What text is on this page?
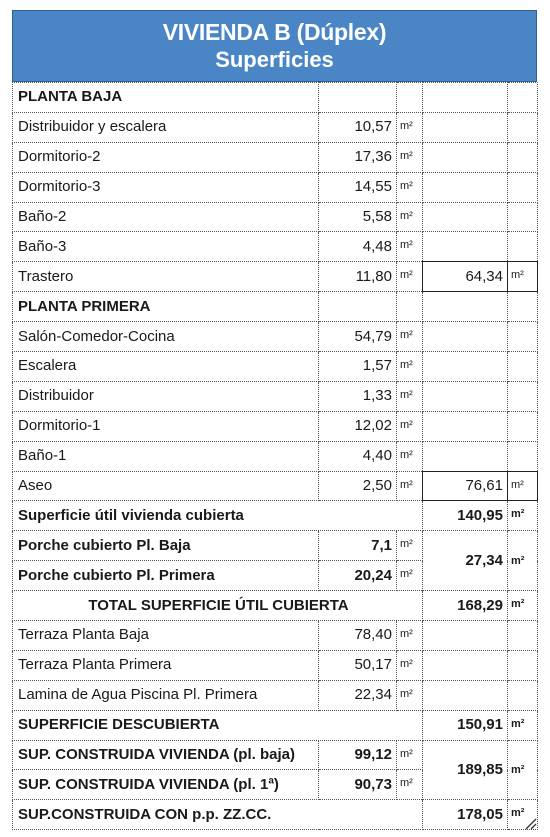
VIVIENDA B (Dúplex)
Superficies
PLANTA BAJA				
Distribuidor y escalera	10,57	m²		
Dormitorio-2	17,36	m²		
Dormitorio-3	14,55	m²		
Baño-2	5,58	m²		
Baño-3	4,48	m²		
Trastero	11,80	m²	64,34	m²
PLANTA PRIMERA				
Salón-Comedor-Cocina	54,79	m²		
Escalera	1,57	m²		
Distribuidor	1,33	m²		
Dormitorio-1	12,02	m²		
Baño-1	4,40	m²		
Aseo	2,50	m²	76,61	m²
Superficie útil vivienda cubierta			140,95	m²
Porche cubierto Pl. Baja	7,1	m²	27,34	m²
Porche cubierto Pl. Primera	20,24	m²		
TOTAL SUPERFICIE ÚTIL CUBIERTA			168,29	m²
Terraza Planta Baja	78,40	m²		
Terraza Planta Primera	50,17	m²		
Lamina de Agua Piscina Pl. Primera	22,34	m²		
SUPERFICIE DESCUBIERTA			150,91	m²
SUP. CONSTRUIDA VIVIENDA (pl. baja)	99,12	m²	189,85	m²
SUP. CONSTRUIDA VIVIENDA (pl. 1ª)	90,73	m²		
SUP.CONSTRUIDA CON p.p. ZZ.CC.			178,05	m²
